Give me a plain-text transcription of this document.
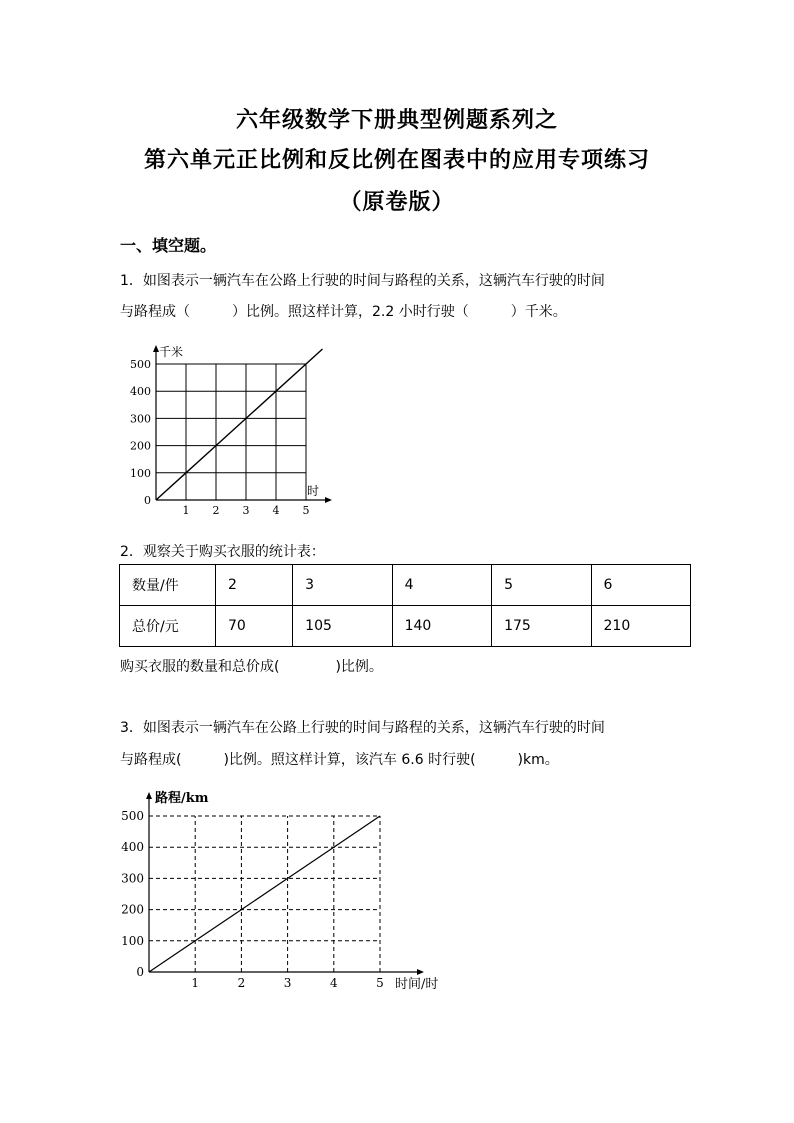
六年级数学下册典型例题系列之
第六单元正比例和反比例在图表中的应用专项练习
（原卷版）
一、填空题。
1．如图表示一辆汽车在公路上行驶的时间与路程的关系，这辆汽车行驶的时间
与路程成（　　　）比例。照这样计算，2.2 小时行驶（　　　）千米。
0
100
200
300
400
500
1 2 3 4 5
时
千米
2．观察关于购买衣服的统计表：
数量/件	2	3	4	5	6
总价/元	70	105	140	175	210
购买衣服的数量和总价成(　　　　)比例。
3．如图表示一辆汽车在公路上行驶的时间与路程的关系，这辆汽车行驶的时间
与路程成(　　　)比例。照这样计算，该汽车 6.6 时行驶(　　　)km。
0
100
200
300
400
500
1	2	3	4	5 时间/时
路程/km
